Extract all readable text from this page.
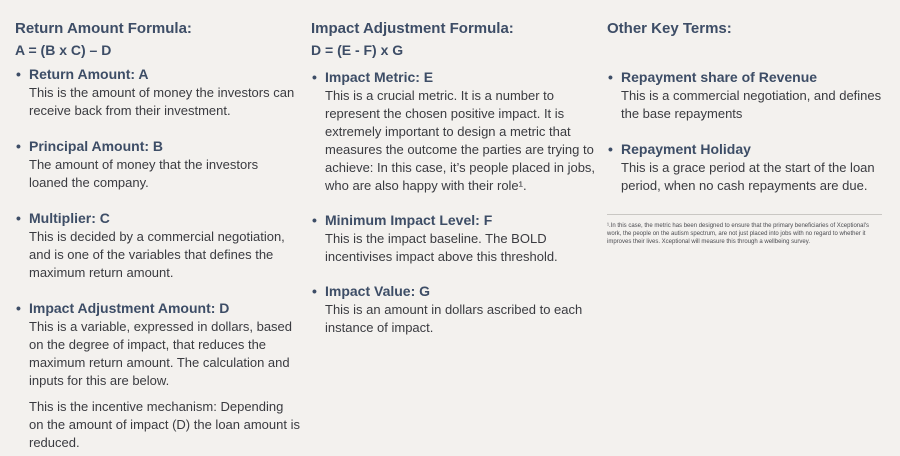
Return Amount Formula:
A = (B x C) – D
• Return Amount: A
This is the amount of money the investors can receive back from their investment.
• Principal Amount: B
The amount of money that the investors loaned the company.
• Multiplier: C
This is decided by a commercial negotiation, and is one of the variables that defines the maximum return amount.
• Impact Adjustment Amount: D
This is a variable, expressed in dollars, based on the degree of impact, that reduces the maximum return amount. The calculation and inputs for this are below.
This is the incentive mechanism: Depending on the amount of impact (D) the loan amount is reduced.
Impact Adjustment Formula:
D = (E - F) x G
• Impact Metric: E
This is a crucial metric. It is a number to represent the chosen positive impact. It is extremely important to design a metric that measures the outcome the parties are trying to achieve: In this case, it’s people placed in jobs, who are also happy with their role¹.
• Minimum Impact Level: F
This is the impact baseline. The BOLD incentivises impact above this threshold.
• Impact Value: G
This is an amount in dollars ascribed to each instance of impact.
Other Key Terms:
• Repayment share of Revenue
This is a commercial negotiation, and defines the base repayments
• Repayment Holiday
This is a grace period at the start of the loan period, when no cash repayments are due.
¹.In this case, the metric has been designed to ensure that the primary beneficiaries of Xceptional's work, the people on the autism spectrum, are not just placed into jobs with no regard to whether it improves their lives. Xceptional will measure this through a wellbeing survey.
